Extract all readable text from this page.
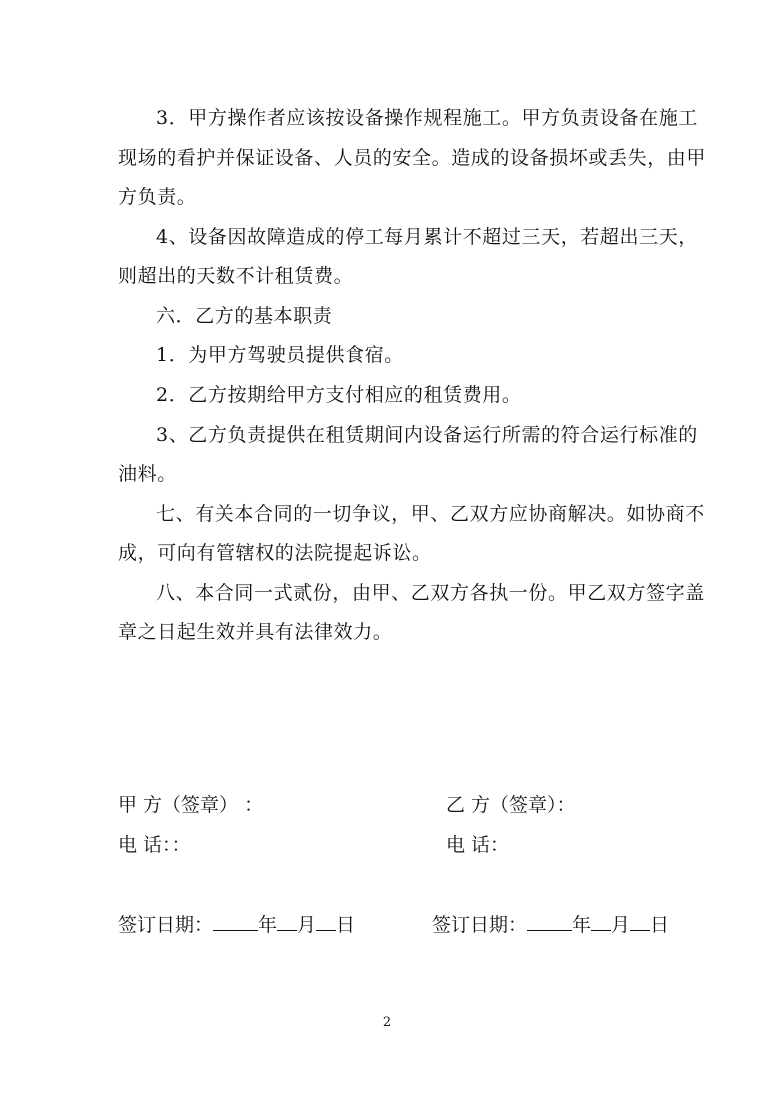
3．甲方操作者应该按设备操作规程施工。甲方负责设备在施工
现场的看护并保证设备、人员的安全。造成的设备损坏或丢失，由甲
方负责。
4、设备因故障造成的停工每月累计不超过三天，若超出三天，
则超出的天数不计租赁费。
六．乙方的基本职责
1．为甲方驾驶员提供食宿。
2．乙方按期给甲方支付相应的租赁费用。
3、乙方负责提供在租赁期间内设备运行所需的符合运行标准的
油料。
七、有关本合同的一切争议，甲、乙双方应协商解决。如协商不
成，可向有管辖权的法院提起诉讼。
八、本合同一式贰份，由甲、乙双方各执一份。甲乙双方签字盖
章之日起生效并具有法律效力。
甲 方（签章） ：	乙 方（签章）：
电 话：：	电 话：
签订日期： 年 月 日	签订日期： 年 月 日
2
